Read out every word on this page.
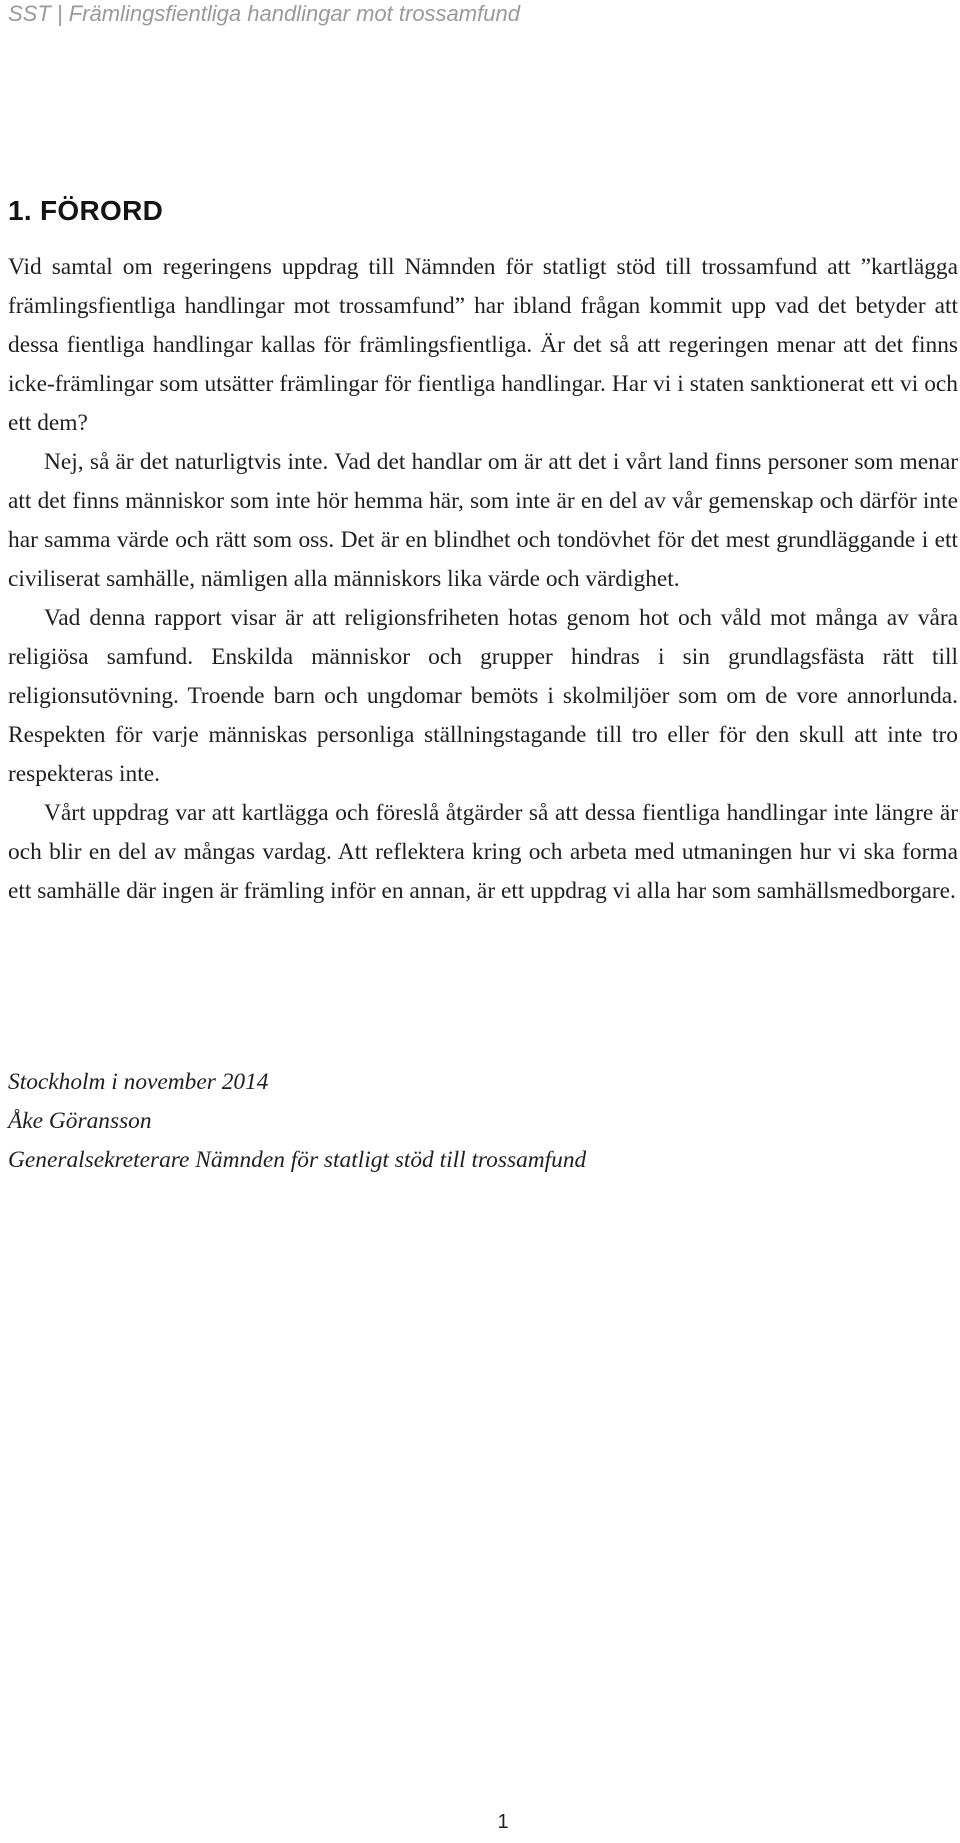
SST | Främlingsfientliga handlingar mot trossamfund
1. FÖRORD

Vid samtal om regeringens uppdrag till Nämnden för statligt stöd till trossamfund att ”kartlägga främlingsfientliga handlingar mot trossamfund” har ibland frågan kommit upp vad det betyder att dessa fientliga handlingar kallas för främlingsfientliga. Är det så att regeringen menar att det finns icke-främlingar som utsätter främlingar för fientliga handlingar. Har vi i staten sanktionerat ett vi och ett dem?

Nej, så är det naturligtvis inte. Vad det handlar om är att det i vårt land finns personer som menar att det finns människor som inte hör hemma här, som inte är en del av vår gemenskap och därför inte har samma värde och rätt som oss. Det är en blindhet och tondövhet för det mest grundläggande i ett civiliserat samhälle, nämligen alla människors lika värde och värdighet.

Vad denna rapport visar är att religionsfriheten hotas genom hot och våld mot många av våra religiösa samfund. Enskilda människor och grupper hindras i sin grundlagsfästa rätt till religionsutövning. Troende barn och ungdomar bemöts i skolmiljöer som om de vore annorlunda. Respekten för varje människas personliga ställningstagande till tro eller för den skull att inte tro respekteras inte.

Vårt uppdrag var att kartlägga och föreslå åtgärder så att dessa fientliga handlingar inte längre är och blir en del av mångas vardag. Att reflektera kring och arbeta med utmaningen hur vi ska forma ett samhälle där ingen är främling inför en annan, är ett uppdrag vi alla har som samhällsmedborgare.

Stockholm i november 2014
Åke Göransson
Generalsekreterare Nämnden för statligt stöd till trossamfund
1
